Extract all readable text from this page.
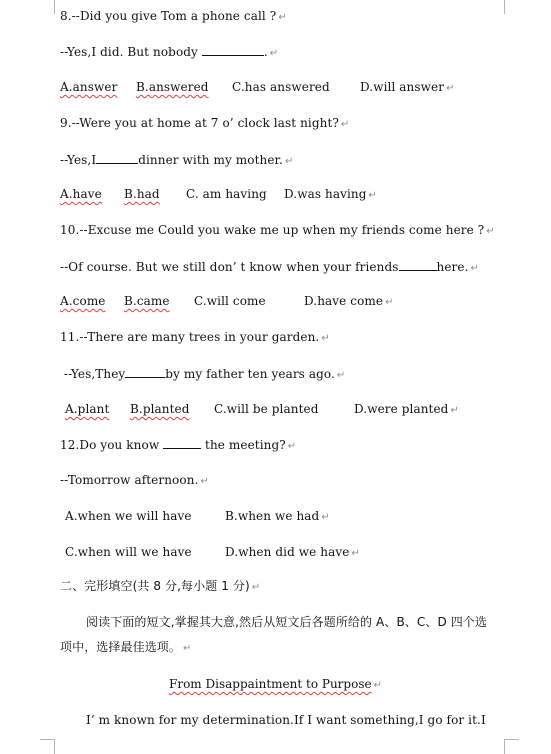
8.--Did you give Tom a phone call ? ↵
--Yes,I did. But nobody	. ↵
A.answer B.answered C.has answered	D.will answer ↵
9.--Were you at home at 7 o’ clock last night? ↵
--Yes,I	dinner with my mother. ↵
A.have B.had C. am having D.was having ↵
10.--Excuse me Could you wake me up when my friends come here ? ↵
--Of course. But we still don’ t know when your friends	here. ↵
A.come B.came C.will come	D.have come ↵
11.--There are many trees in your garden. ↵
--Yes,They	by my father ten years ago. ↵
A.plant B.planted C.will be planted	D.were planted ↵
12.Do you know	the meeting? ↵
--Tomorrow afternoon. ↵
A.when we will have	B.when we had ↵
C.when will we have	D.when did we have ↵
二、完形填空(共 8 分,每小题 1 分) ↵
阅读下面的短文,掌握其大意,然后从短文后各题所给的 A、B、C、D 四个选
项中，选择最佳选项。 ↵
From Disappaintment to Purpose ↵
I’ m known for my determination.If I want something,I go for it.I
